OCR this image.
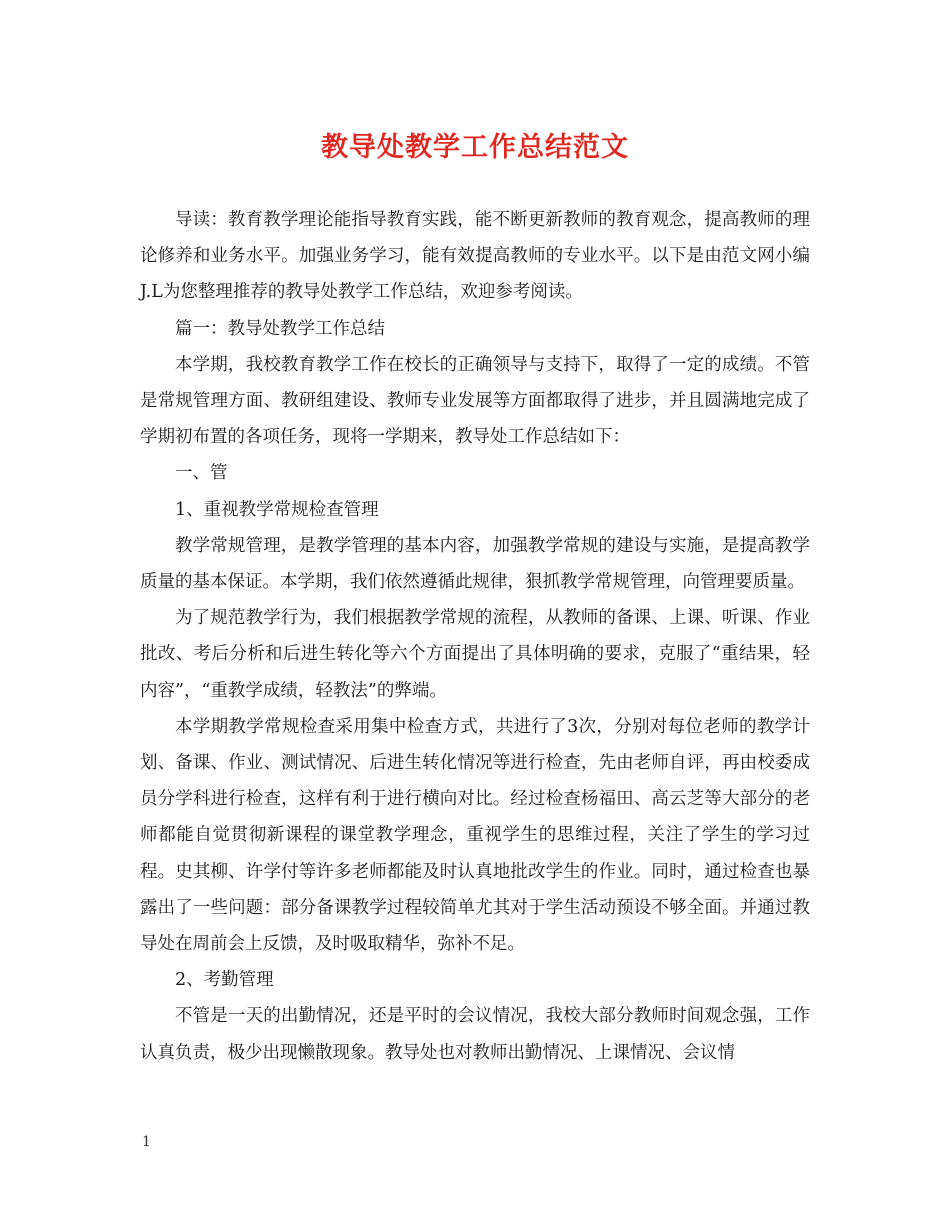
教导处教学工作总结范文

导读：教育教学理论能指导教育实践，能不断更新教师的教育观念，提高教师的理论修养和业务水平。加强业务学习，能有效提高教师的专业水平。以下是由范文网小编J.L为您整理推荐的教导处教学工作总结，欢迎参考阅读。

篇一：教导处教学工作总结

本学期，我校教育教学工作在校长的正确领导与支持下，取得了一定的成绩。不管是常规管理方面、教研组建设、教师专业发展等方面都取得了进步，并且圆满地完成了学期初布置的各项任务，现将一学期来，教导处工作总结如下：

一、管

1、重视教学常规检查管理

教学常规管理，是教学管理的基本内容，加强教学常规的建设与实施，是提高教学质量的基本保证。本学期，我们依然遵循此规律，狠抓教学常规管理，向管理要质量。

为了规范教学行为，我们根据教学常规的流程，从教师的备课、上课、听课、作业批改、考后分析和后进生转化等六个方面提出了具体明确的要求，克服了“重结果，轻内容”，“重教学成绩，轻教法”的弊端。

本学期教学常规检查采用集中检查方式，共进行了3次，分别对每位老师的教学计划、备课、作业、测试情况、后进生转化情况等进行检查，先由老师自评，再由校委成员分学科进行检查，这样有利于进行横向对比。经过检查杨福田、高云芝等大部分的老师都能自觉贯彻新课程的课堂教学理念，重视学生的思维过程，关注了学生的学习过程。史其柳、许学付等许多老师都能及时认真地批改学生的作业。同时，通过检查也暴露出了一些问题：部分备课教学过程较简单尤其对于学生活动预设不够全面。并通过教导处在周前会上反馈，及时吸取精华，弥补不足。

2、考勤管理

不管是一天的出勤情况，还是平时的会议情况，我校大部分教师时间观念强，工作认真负责，极少出现懒散现象。教导处也对教师出勤情况、上课情况、会议情

1
